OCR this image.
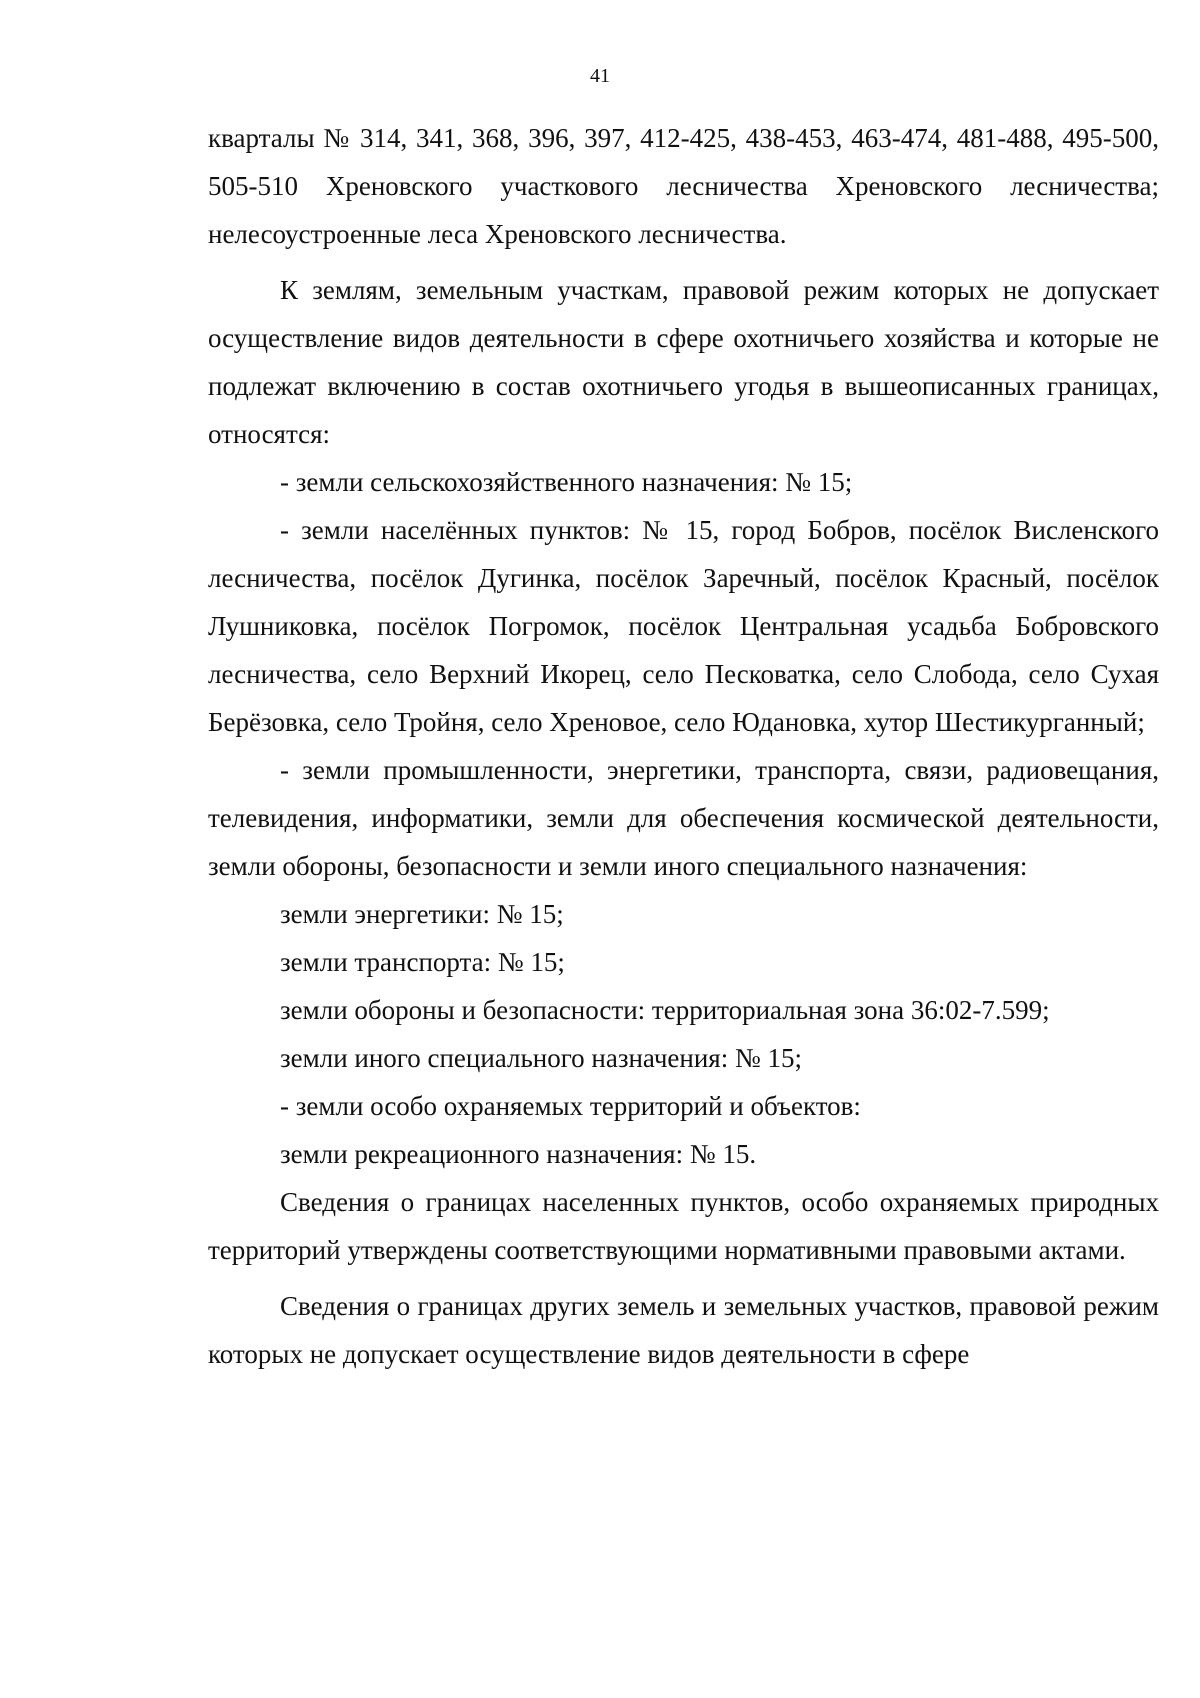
41

кварталы № 314, 341, 368, 396, 397, 412-425, 438-453, 463-474, 481-488, 495-500, 505-510 Хреновского участкового лесничества Хреновского лесничества; нелесоустроенные леса Хреновского лесничества.

К землям, земельным участкам, правовой режим которых не допускает осуществление видов деятельности в сфере охотничьего хозяйства и которые не подлежат включению в состав охотничьего угодья в вышеописанных границах, относятся:

- земли сельскохозяйственного назначения: № 15;

- земли населённых пунктов: № 15, город Бобров, посёлок Висленского лесничества, посёлок Дугинка, посёлок Заречный, посёлок Красный, посёлок Лушниковка, посёлок Погромок, посёлок Центральная усадьба Бобровского лесничества, село Верхний Икорец, село Песковатка, село Слобода, село Сухая Берёзовка, село Тройня, село Хреновое, село Юдановка, хутор Шестикурганный;

- земли промышленности, энергетики, транспорта, связи, радиовещания, телевидения, информатики, земли для обеспечения космической деятельности, земли обороны, безопасности и земли иного специального назначения:

земли энергетики: № 15;

земли транспорта: № 15;

земли обороны и безопасности: территориальная зона 36:02-7.599;

земли иного специального назначения: № 15;

- земли особо охраняемых территорий и объектов:

земли рекреационного назначения: № 15.

Сведения о границах населенных пунктов, особо охраняемых природных территорий утверждены соответствующими нормативными правовыми актами.

Сведения о границах других земель и земельных участков, правовой режим которых не допускает осуществление видов деятельности в сфере
